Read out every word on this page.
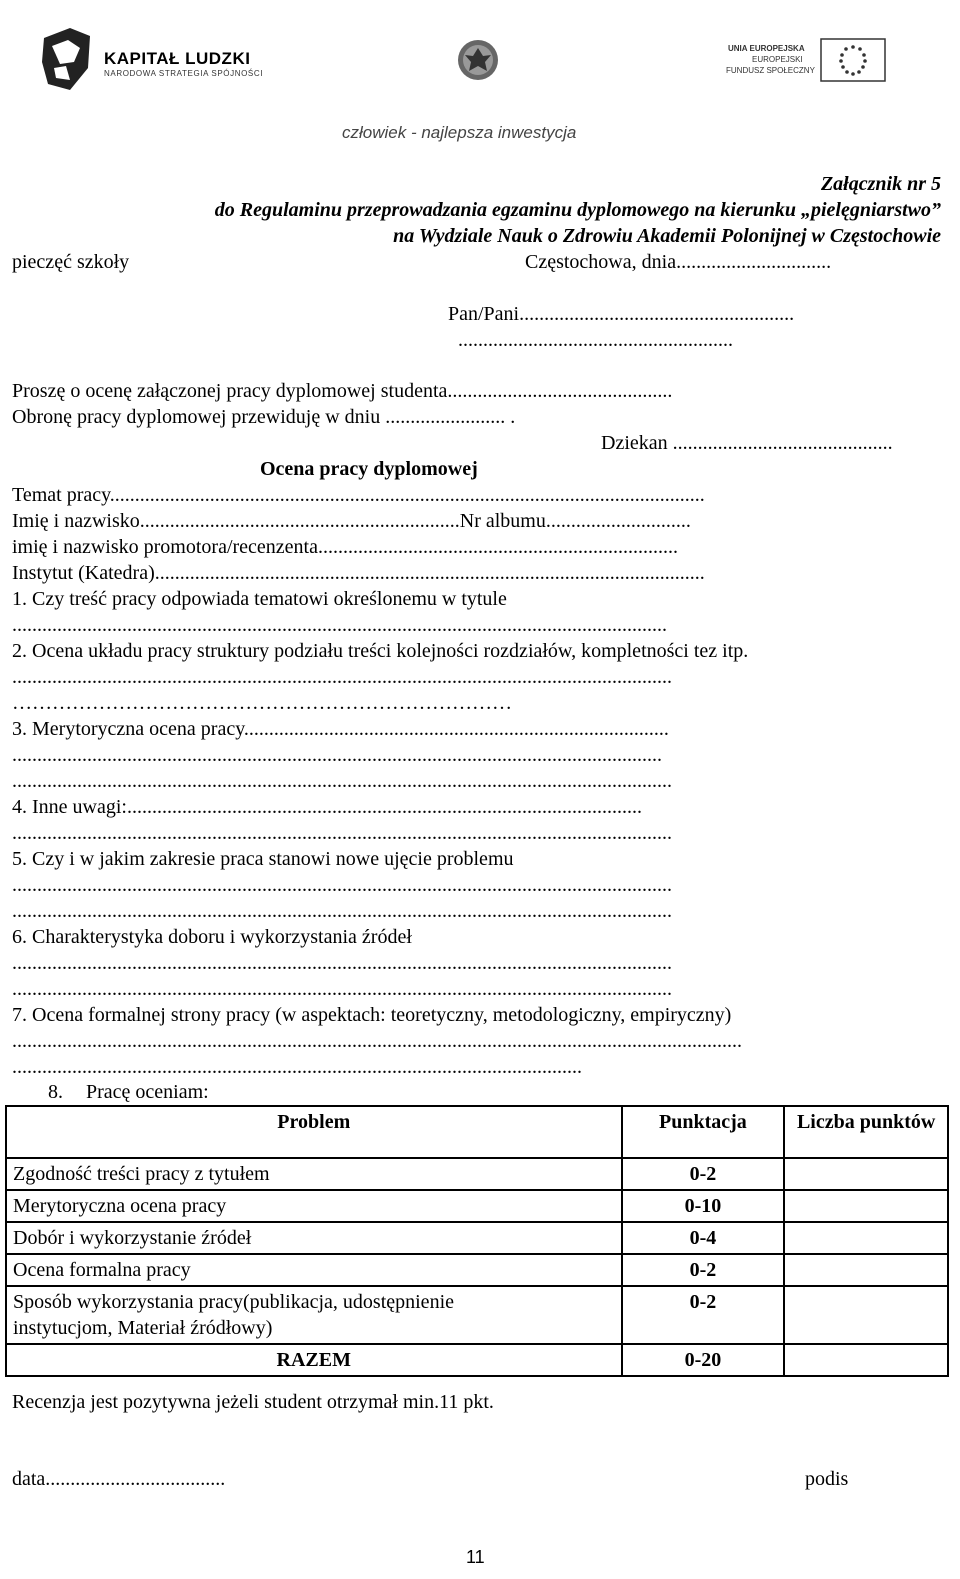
KAPITAŁ LUDZKI
NARODOWA STRATEGIA SPÓJNOŚCI
UNIA EUROPEJSKA
EUROPEJSKI
FUNDUSZ SPOŁECZNY
człowiek - najlepsza inwestycja
Załącznik nr 5
do Regulaminu przeprowadzania egzaminu dyplomowego na kierunku „pielęgniarstwo”
na Wydziale Nauk o Zdrowiu Akademii Polonijnej w Częstochowie
pieczęć szkoły	Częstochowa, dnia...............................
Pan/Pani.......................................................
.......................................................
Proszę o ocenę załączonej pracy dyplomowej studenta.............................................
Obronę pracy dyplomowej przewiduję w dniu ........................ .
Dziekan ............................................
Ocena pracy dyplomowej
Temat pracy.......................................................................................................................
Imię i nazwisko................................................................Nr albumu.............................
imię i nazwisko promotora/recenzenta........................................................................
Instytut (Katedra)..............................................................................................................
1. Czy treść pracy odpowiada tematowi określonemu w tytule
...................................................................................................................................
2. Ocena układu pracy struktury podziału treści kolejności rozdziałów, kompletności tez itp.
....................................................................................................................................
…………………………………………………………………
3. Merytoryczna ocena pracy.....................................................................................
..................................................................................................................................
....................................................................................................................................
4. Inne uwagi:.......................................................................................................
....................................................................................................................................
5. Czy i w jakim zakresie praca stanowi nowe ujęcie problemu
....................................................................................................................................
....................................................................................................................................
6. Charakterystyka doboru i wykorzystania źródeł
....................................................................................................................................
....................................................................................................................................
7. Ocena formalnej strony pracy (w aspektach: teoretyczny, metodologiczny, empiryczny)
..................................................................................................................................................
..................................................................................................................
8. Pracę oceniam:
Problem	Punktacja	Liczba punktów
Zgodność treści pracy z tytułem	0-2	
Merytoryczna ocena pracy	0-10	
Dobór i wykorzystanie źródeł	0-4	
Ocena formalna pracy	0-2	
Sposób wykorzystania pracy(publikacja, udostępnienie instytucjom, Materiał źródłowy)	0-2	
RAZEM	0-20	
Recenzja jest pozytywna jeżeli student otrzymał min.11 pkt.
data....................................	podis
11
